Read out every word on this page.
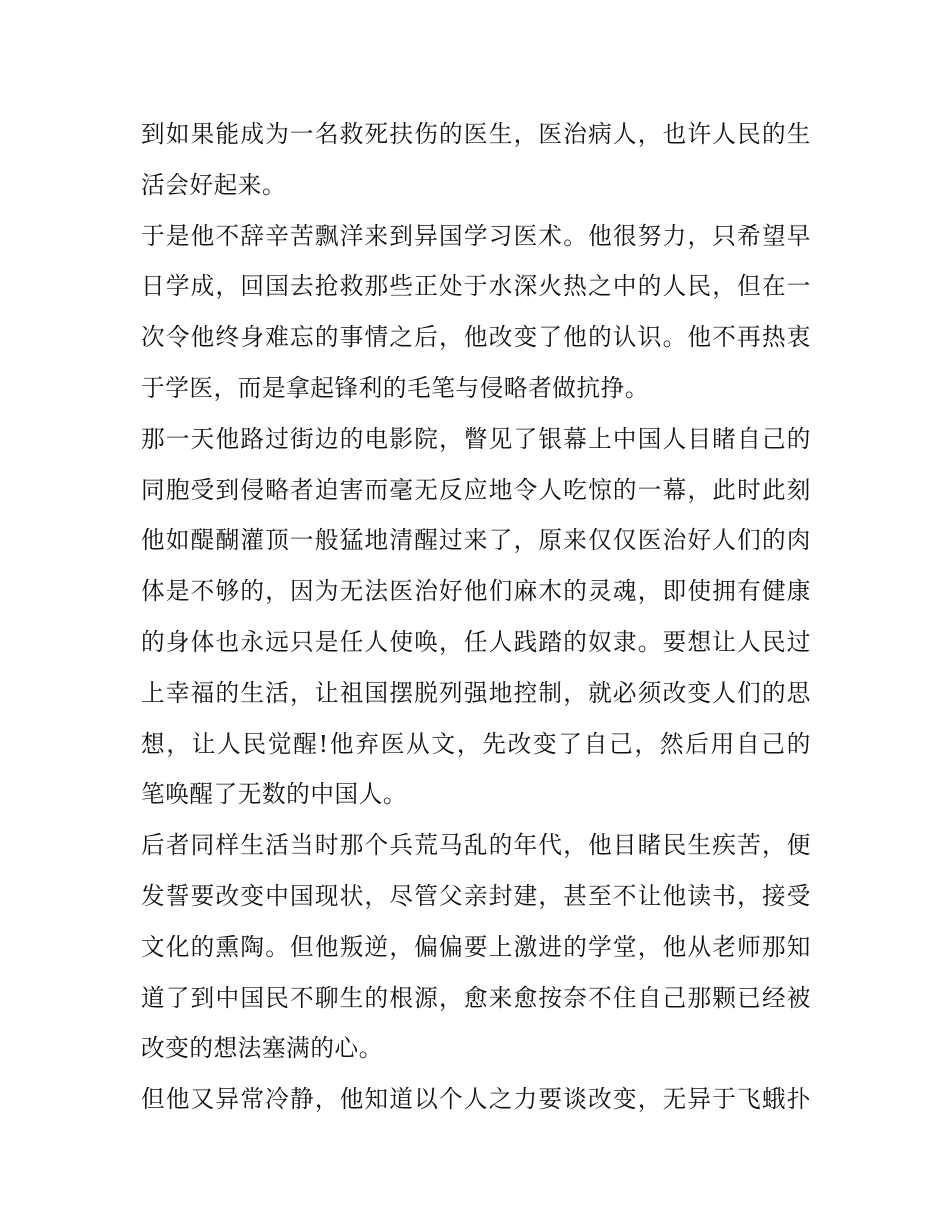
到如果能成为一名救死扶伤的医生，医治病人，也许人民的生
活会好起来。
于是他不辞辛苦飘洋来到异国学习医术。他很努力，只希望早
日学成，回国去抢救那些正处于水深火热之中的人民，但在一
次令他终身难忘的事情之后，他改变了他的认识。他不再热衷
于学医，而是拿起锋利的毛笔与侵略者做抗挣。
那一天他路过街边的电影院，瞥见了银幕上中国人目睹自己的
同胞受到侵略者迫害而毫无反应地令人吃惊的一幕，此时此刻
他如醍醐灌顶一般猛地清醒过来了，原来仅仅医治好人们的肉
体是不够的，因为无法医治好他们麻木的灵魂，即使拥有健康
的身体也永远只是任人使唤，任人践踏的奴隶。要想让人民过
上幸福的生活，让祖国摆脱列强地控制，就必须改变人们的思
想，让人民觉醒!他弃医从文，先改变了自己，然后用自己的
笔唤醒了无数的中国人。
后者同样生活当时那个兵荒马乱的年代，他目睹民生疾苦，便
发誓要改变中国现状，尽管父亲封建，甚至不让他读书，接受
文化的熏陶。但他叛逆，偏偏要上激进的学堂，他从老师那知
道了到中国民不聊生的根源，愈来愈按奈不住自己那颗已经被
改变的想法塞满的心。
但他又异常冷静，他知道以个人之力要谈改变，无异于飞蛾扑
